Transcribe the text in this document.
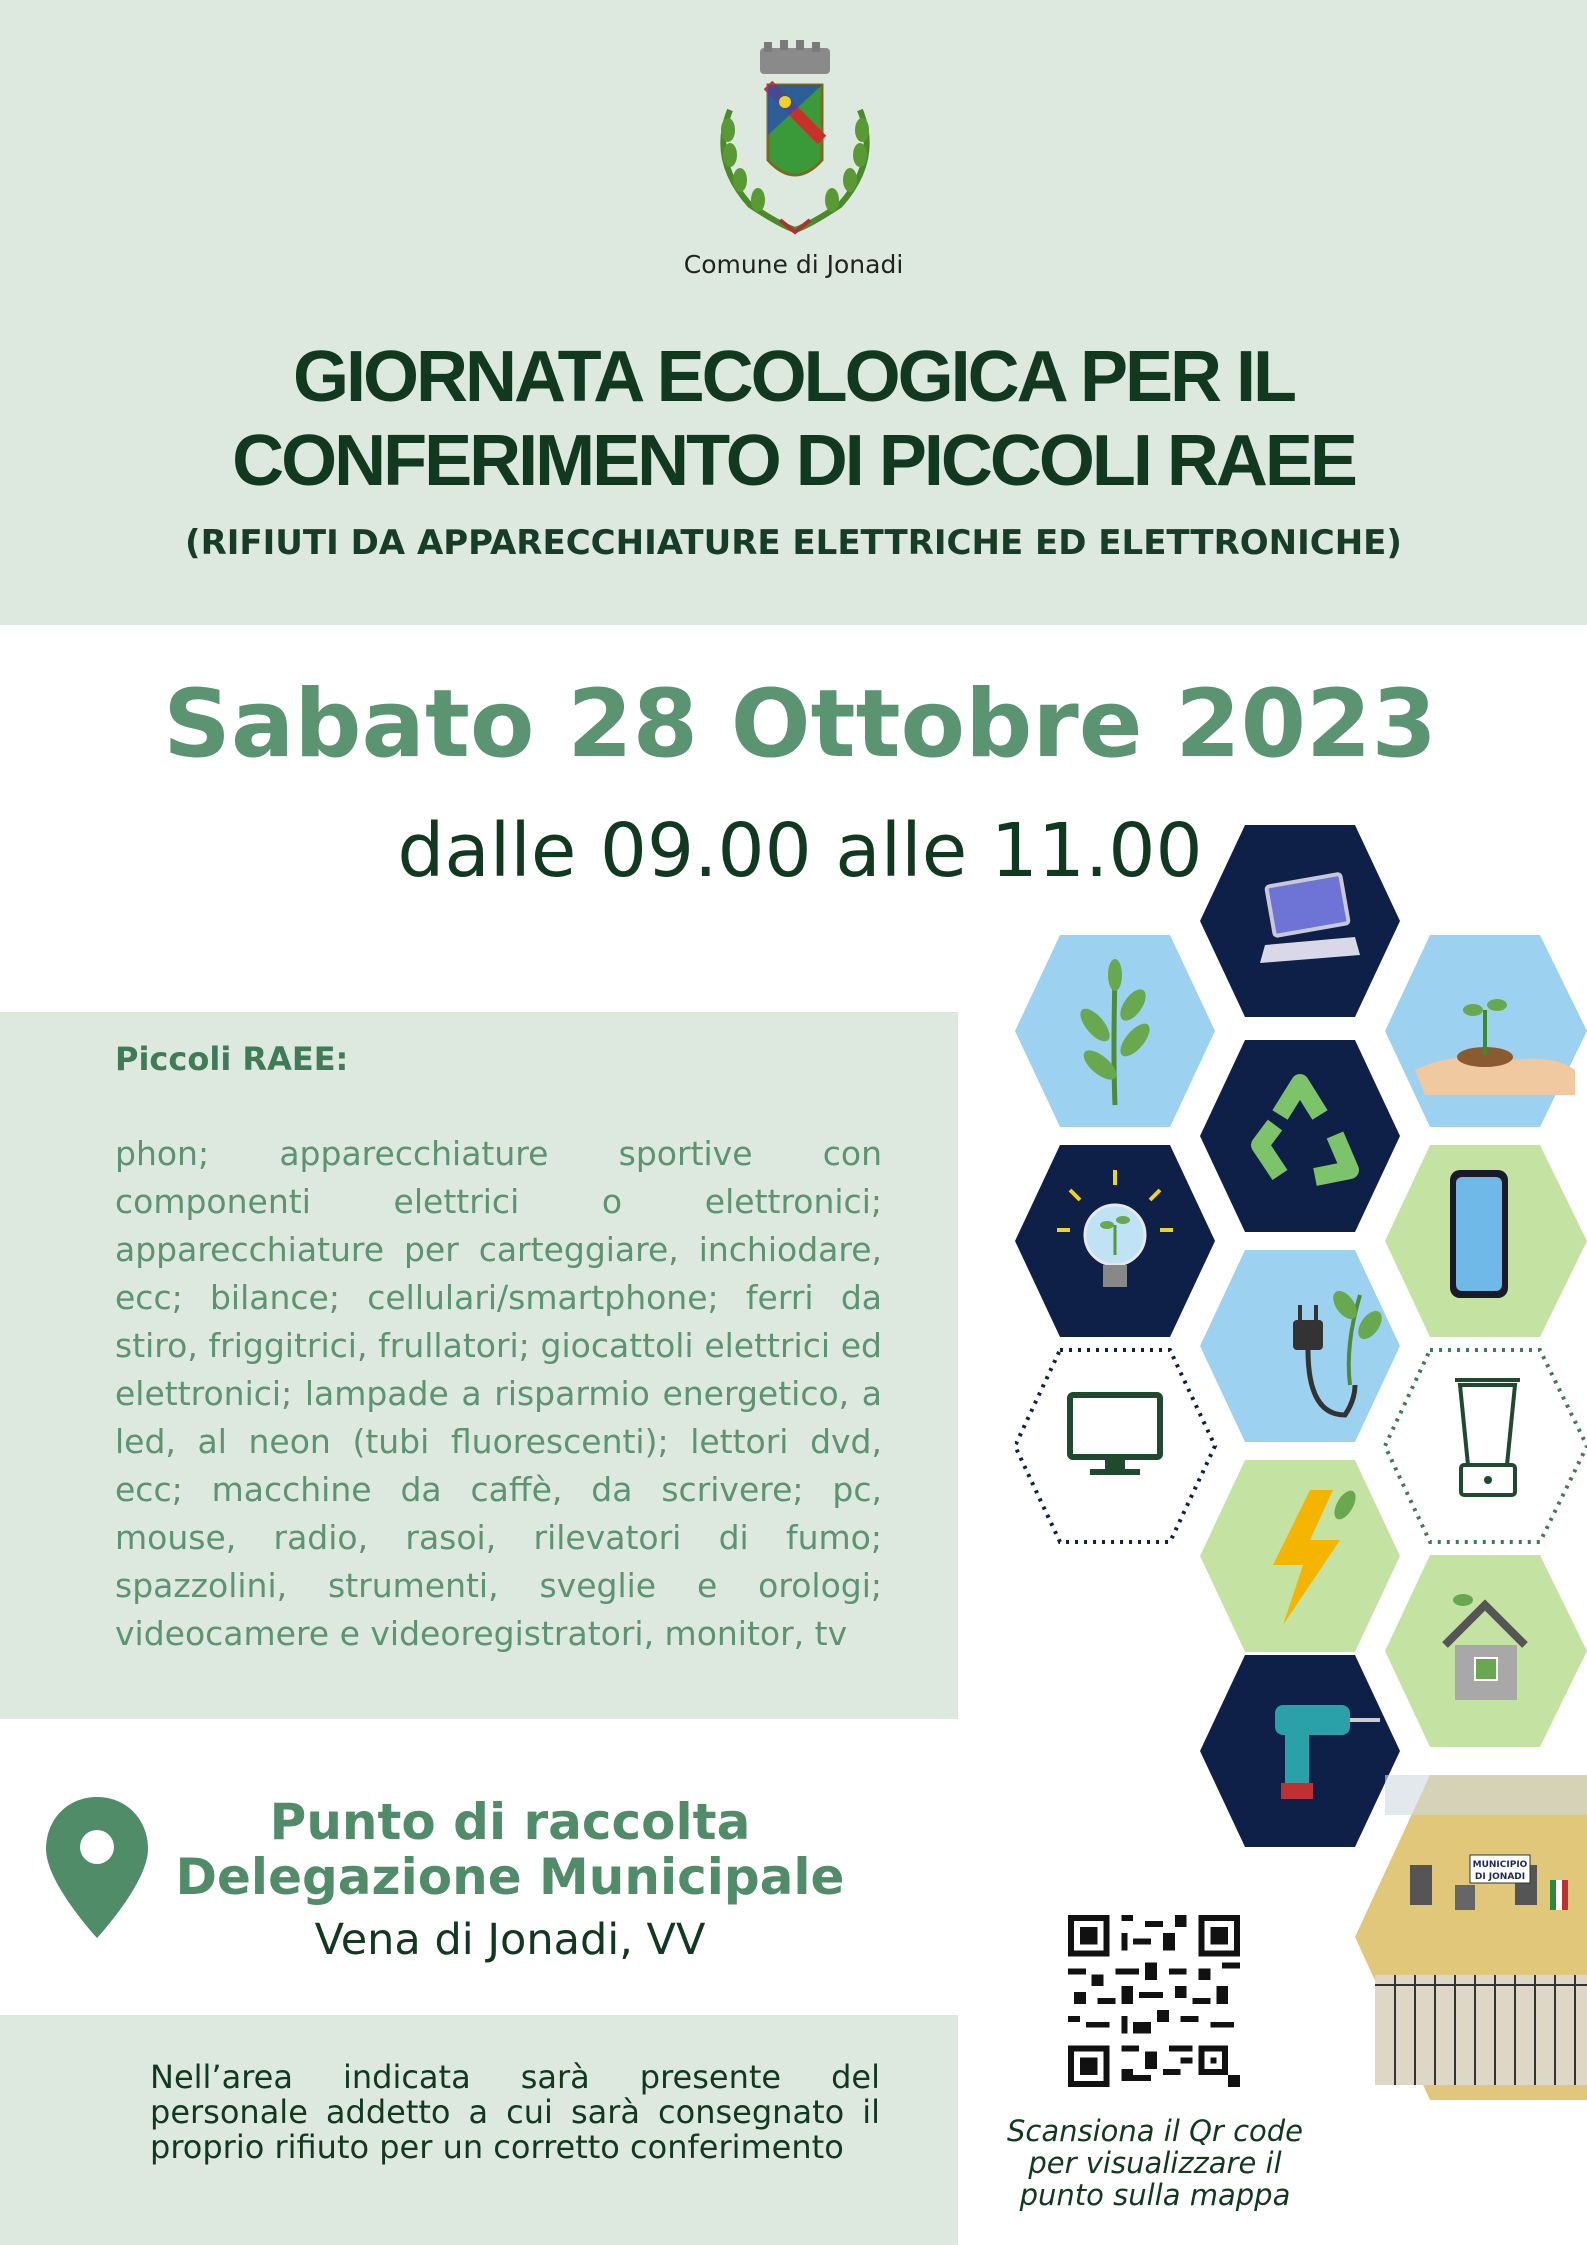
Comune di Jonadi
GIORNATA ECOLOGICA PER IL
CONFERIMENTO DI PICCOLI RAEE
(RIFIUTI DA APPARECCHIATURE ELETTRICHE ED ELETTRONICHE)
Sabato 28 Ottobre 2023
dalle 09.00 alle 11.00
Piccoli RAEE:
phon; apparecchiature sportive con componenti elettrici o elettronici; apparecchiature per carteggiare, inchiodare, ecc; bilance; cellulari/smartphone; ferri da stiro, friggitrici, frullatori; giocattoli elettrici ed elettronici; lampade a risparmio energetico, a led, al neon (tubi fluorescenti); lettori dvd, ecc; macchine da caffè, da scrivere; pc, mouse, radio, rasoi, rilevatori di fumo; spazzolini, strumenti, sveglie e orologi; videocamere e videoregistratori, monitor, tv
Punto di raccolta
Delegazione Municipale
Vena di Jonadi, VV
Nell’area indicata sarà presente del personale addetto a cui sarà consegnato il proprio rifiuto per un corretto conferimento	Scansiona il Qr code
per visualizzare il
punto sulla mappa
MUNICIPIO
DI JONADI
